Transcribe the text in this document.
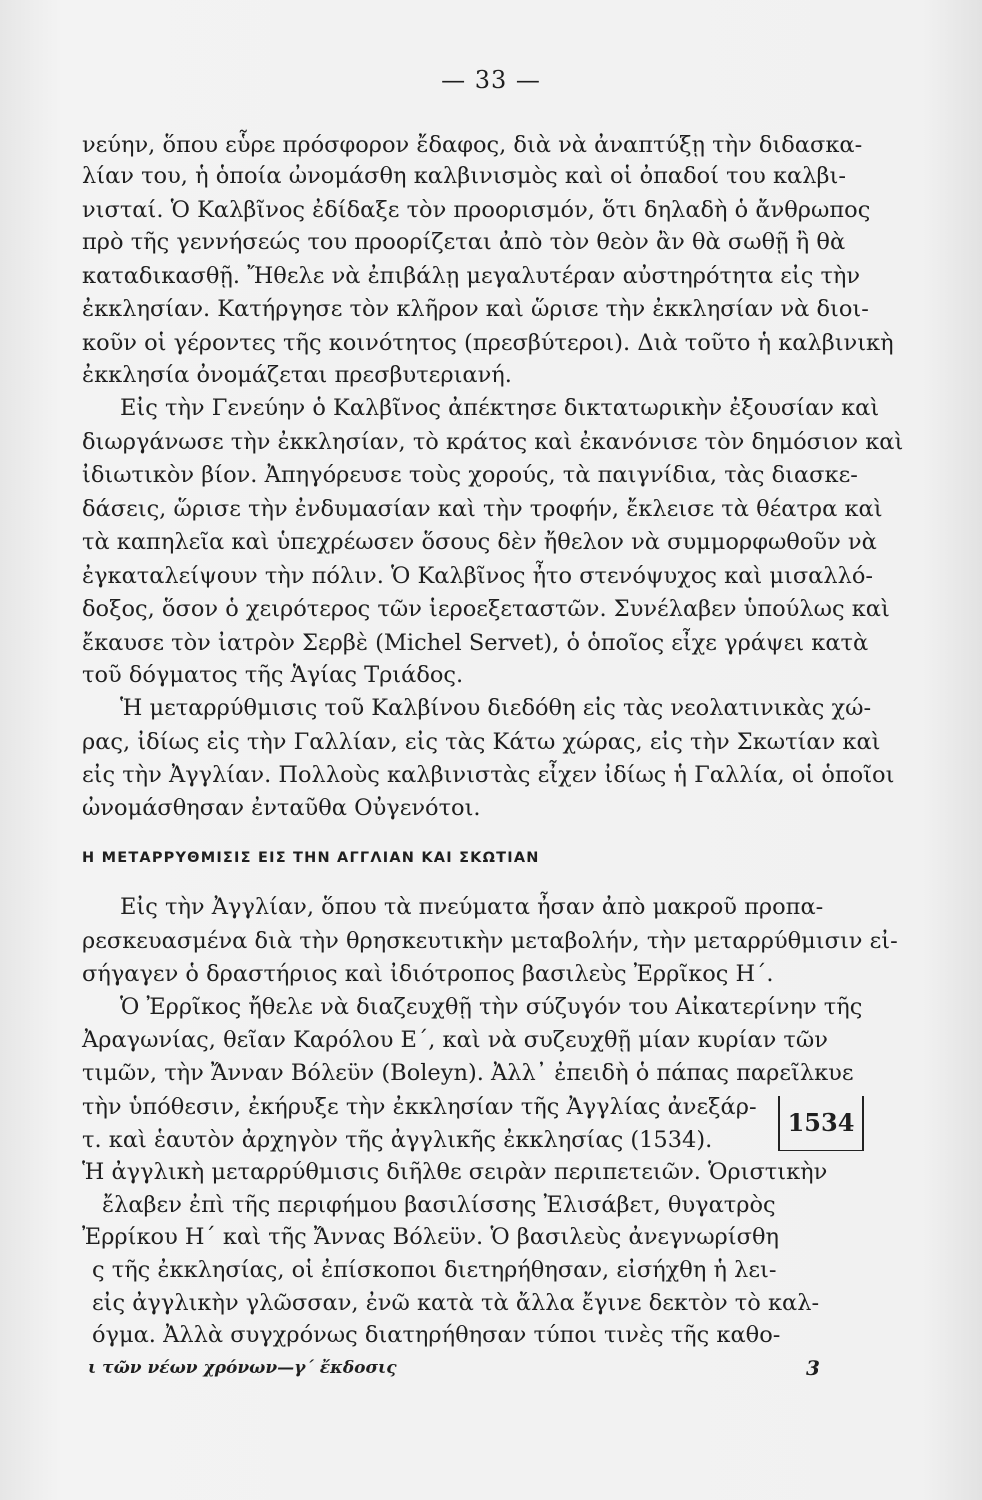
— 33 —
νεύην, ὅπου εὗρε πρόσφορον ἔδαφος, διὰ νὰ ἀναπτύξῃ τὴν διδασκα-
λίαν του, ἡ ὁποία ὠνομάσθη καλβινισμὸς καὶ οἱ ὀπαδοί του καλβι-
νισταί. Ὁ Καλβῖνος ἐδίδαξε τὸν προορισμόν, ὅτι δηλαδὴ ὁ ἄνθρωπος
πρὸ τῆς γεννήσεώς του προορίζεται ἀπὸ τὸν θεὸν ἂν θὰ σωθῇ ἢ θὰ
καταδικασθῇ. Ἤθελε νὰ ἐπιβάλῃ μεγαλυτέραν αὐστηρότητα εἰς τὴν
ἐκκλησίαν. Κατήργησε τὸν κλῆρον καὶ ὥρισε τὴν ἐκκλησίαν νὰ διοι-
κοῦν οἱ γέροντες τῆς κοινότητος (πρεσβύτεροι). Διὰ τοῦτο ἡ καλβινικὴ
ἐκκλησία ὀνομάζεται πρεσβυτεριανή.
Εἰς τὴν Γενεύην ὁ Καλβῖνος ἀπέκτησε δικτατωρικὴν ἐξουσίαν καὶ
διωργάνωσε τὴν ἐκκλησίαν, τὸ κράτος καὶ ἐκανόνισε τὸν δημόσιον καὶ
ἰδιωτικὸν βίον. Ἀπηγόρευσε τοὺς χορούς, τὰ παιγνίδια, τὰς διασκε-
δάσεις, ὥρισε τὴν ἐνδυμασίαν καὶ τὴν τροφήν, ἔκλεισε τὰ θέατρα καὶ
τὰ καπηλεῖα καὶ ὑπεχρέωσεν ὅσους δὲν ἤθελον νὰ συμμορφωθοῦν νὰ
ἐγκαταλείψουν τὴν πόλιν. Ὁ Καλβῖνος ἦτο στενόψυχος καὶ μισαλλό-
δοξος, ὅσον ὁ χειρότερος τῶν ἱεροεξεταστῶν. Συνέλαβεν ὑπούλως καὶ
ἔκαυσε τὸν ἰατρὸν Σερβὲ (Michel Servet), ὁ ὁποῖος εἶχε γράψει κατὰ
τοῦ δόγματος τῆς Ἁγίας Τριάδος.
Ἡ μεταρρύθμισις τοῦ Καλβίνου διεδόθη εἰς τὰς νεολατινικὰς χώ-
ρας, ἰδίως εἰς τὴν Γαλλίαν, εἰς τὰς Κάτω χώρας, εἰς τὴν Σκωτίαν καὶ
εἰς τὴν Ἀγγλίαν. Πολλοὺς καλβινιστὰς εἶχεν ἰδίως ἡ Γαλλία, οἱ ὁποῖοι
ὠνομάσθησαν ἐνταῦθα Οὐγενότοι.
Η ΜΕΤΑΡΡΥΘΜΙΣΙΣ ΕΙΣ ΤΗΝ ΑΓΓΛΙΑΝ ΚΑΙ ΣΚΩΤΙΑΝ
Εἰς τὴν Ἀγγλίαν, ὅπου τὰ πνεύματα ἦσαν ἀπὸ μακροῦ προπα-
ρεσκευασμένα διὰ τὴν θρησκευτικὴν μεταβολήν, τὴν μεταρρύθμισιν εἰ-
σήγαγεν ὁ δραστήριος καὶ ἰδιότροπος βασιλεὺς Ἐρρῖκος Η΄.
Ὁ Ἐρρῖκος ἤθελε νὰ διαζευχθῇ τὴν σύζυγόν του Αἰκατερίνην τῆς
Ἀραγωνίας, θεῖαν Καρόλου Ε΄, καὶ νὰ συζευχθῇ μίαν κυρίαν τῶν
τιμῶν, τὴν Ἄνναν Βόλεϋν (Boleyn). Ἀλλ᾿ ἐπειδὴ ὁ πάπας παρεῖλκυε
τὴν ὑπόθεσιν, ἐκήρυξε τὴν ἐκκλησίαν τῆς Ἀγγλίας ἀνεξάρ-
τ. καὶ ἑαυτὸν ἀρχηγὸν τῆς ἀγγλικῆς ἐκκλησίας (1534).
Ἡ ἀγγλικὴ μεταρρύθμισις διῆλθε σειρὰν περιπετειῶν. Ὁριστικὴν
ἔλαβεν ἐπὶ τῆς περιφήμου βασιλίσσης Ἐλισάβετ, θυγατρὸς
Ἐρρίκου Η΄ καὶ τῆς Ἄννας Βόλεϋν. Ὁ βασιλεὺς ἀνεγνωρίσθη
ς τῆς ἐκκλησίας, οἱ ἐπίσκοποι διετηρήθησαν, εἰσήχθη ἡ λει-
εἰς ἀγγλικὴν γλῶσσαν, ἐνῶ κατὰ τὰ ἄλλα ἔγινε δεκτὸν τὸ καλ-
όγμα. Ἀλλὰ συγχρόνως διατηρήθησαν τύποι τινὲς τῆς καθο-
1534
ι τῶν νέων χρόνων—γ΄ ἔκδοσις	3
